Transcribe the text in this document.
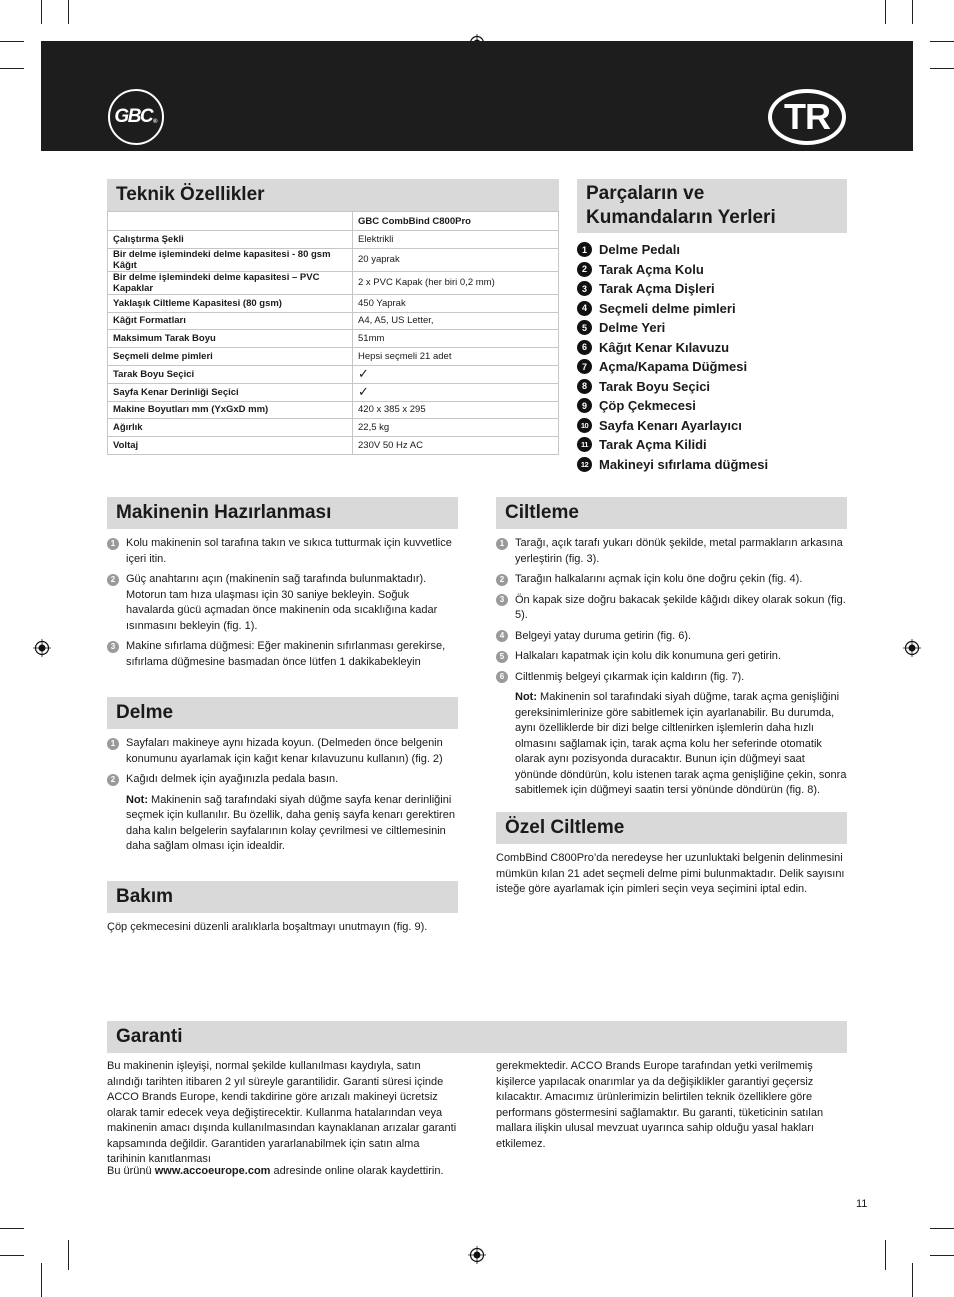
GBC ®	TR
Teknik Özellikler
	GBC CombBind C800Pro
Çalıştırma Şekli	Elektrikli
Bir delme işlemindeki delme kapasitesi - 80 gsm Kâğıt	20 yaprak
Bir delme işlemindeki delme kapasitesi – PVC Kapaklar	2 x PVC Kapak (her biri 0,2 mm)
Yaklaşık Ciltleme Kapasitesi (80 gsm)	450 Yaprak
Kâğıt Formatları	A4, A5, US Letter,
Maksimum Tarak Boyu	51mm
Seçmeli delme pimleri	Hepsi seçmeli 21 adet
Tarak Boyu Seçici	✓
Sayfa Kenar Derinliği Seçici	✓
Makine Boyutları mm (YxGxD mm)	420 x 385 x 295
Ağırlık	22,5 kg
Voltaj	230V 50 Hz AC
Parçaların ve
Kumandaların Yerleri
1 Delme Pedalı
2 Tarak Açma Kolu
3 Tarak Açma Dişleri
4 Seçmeli delme pimleri
5 Delme Yeri
6 Kâğıt Kenar Kılavuzu
7 Açma/Kapama Düğmesi
8 Tarak Boyu Seçici
9 Çöp Çekmecesi
10 Sayfa Kenarı Ayarlayıcı
11 Tarak Açma Kilidi
12 Makineyi sıfırlama düğmesi
Makinenin Hazırlanması
1 Kolu makinenin sol tarafına takın ve sıkıca tutturmak için kuvvetlice içeri itin.
2 Güç anahtarını açın (makinenin sağ tarafında bulunmaktadır). Motorun tam hıza ulaşması için 30 saniye bekleyin. Soğuk havalarda gücü açmadan önce makinenin oda sıcaklığına kadar ısınmasını bekleyin (fig. 1).
3 Makine sıfırlama düğmesi: Eğer makinenin sıfırlanması gerekirse, sıfırlama düğmesine basmadan önce lütfen 1 dakikabekleyin
Delme
1 Sayfaları makineye aynı hizada koyun. (Delmeden önce belgenin konumunu ayarlamak için kağıt kenar kılavuzunu kullanın) (fig. 2)
2 Kağıdı delmek için ayağınızla pedala basın.
Not: Makinenin sağ tarafındaki siyah düğme sayfa kenar derinliğini seçmek için kullanılır. Bu özellik, daha geniş sayfa kenarı gerektiren daha kalın belgelerin sayfalarının kolay çevrilmesi ve ciltlemesinin daha sağlam olması için idealdir.
Bakım
Çöp çekmecesini düzenli aralıklarla boşaltmayı unutmayın (fig. 9).
Ciltleme
1 Tarağı, açık tarafı yukarı dönük şekilde, metal parmakların arkasına yerleştirin (fig. 3).
2 Tarağın halkalarını açmak için kolu öne doğru çekin (fig. 4).
3 Ön kapak size doğru bakacak şekilde kâğıdı dikey olarak sokun (fig. 5).
4 Belgeyi yatay duruma getirin (fig. 6).
5 Halkaları kapatmak için kolu dik konumuna geri getirin.
6 Ciltlenmiş belgeyi çıkarmak için kaldırın (fig. 7).
Not: Makinenin sol tarafındaki siyah düğme, tarak açma genişliğini gereksinimlerinize göre sabitlemek için ayarlanabilir. Bu durumda, aynı özelliklerde bir dizi belge ciltlenirken işlemlerin daha hızlı olmasını sağlamak için, tarak açma kolu her seferinde otomatik olarak aynı pozisyonda duracaktır. Bunun için düğmeyi saat yönünde döndürün, kolu istenen tarak açma genişliğine çekin, sonra sabitlemek için düğmeyi saatin tersi yönünde döndürün (fig. 8).
Özel Ciltleme
CombBind C800Pro’da neredeyse her uzunluktaki belgenin delinmesini mümkün kılan 21 adet seçmeli delme pimi bulunmaktadır. Delik sayısını isteğe göre ayarlamak için pimleri seçin veya seçimini iptal edin.
Garanti
Bu makinenin işleyişi, normal şekilde kullanılması kaydıyla, satın alındığı tarihten itibaren 2 yıl süreyle garantilidir. Garanti süresi içinde ACCO Brands Europe, kendi takdirine göre arızalı makineyi ücretsiz olarak tamir edecek veya değiştirecektir. Kullanma hatalarından veya makinenin amacı dışında kullanılmasından kaynaklanan arızalar garanti kapsamında değildir. Garantiden yararlanabilmek için satın alma tarihinin kanıtlanması
Bu ürünü www.accoeurope.com adresinde online olarak kaydettirin.
gerekmektedir. ACCO Brands Europe tarafından yetki verilmemiş kişilerce yapılacak onarımlar ya da değişiklikler garantiyi geçersiz kılacaktır. Amacımız ürünlerimizin belirtilen teknik özelliklere göre performans göstermesini sağlamaktır. Bu garanti, tüketicinin satılan mallara ilişkin ulusal mevzuat uyarınca sahip olduğu yasal hakları etkilemez.
11
